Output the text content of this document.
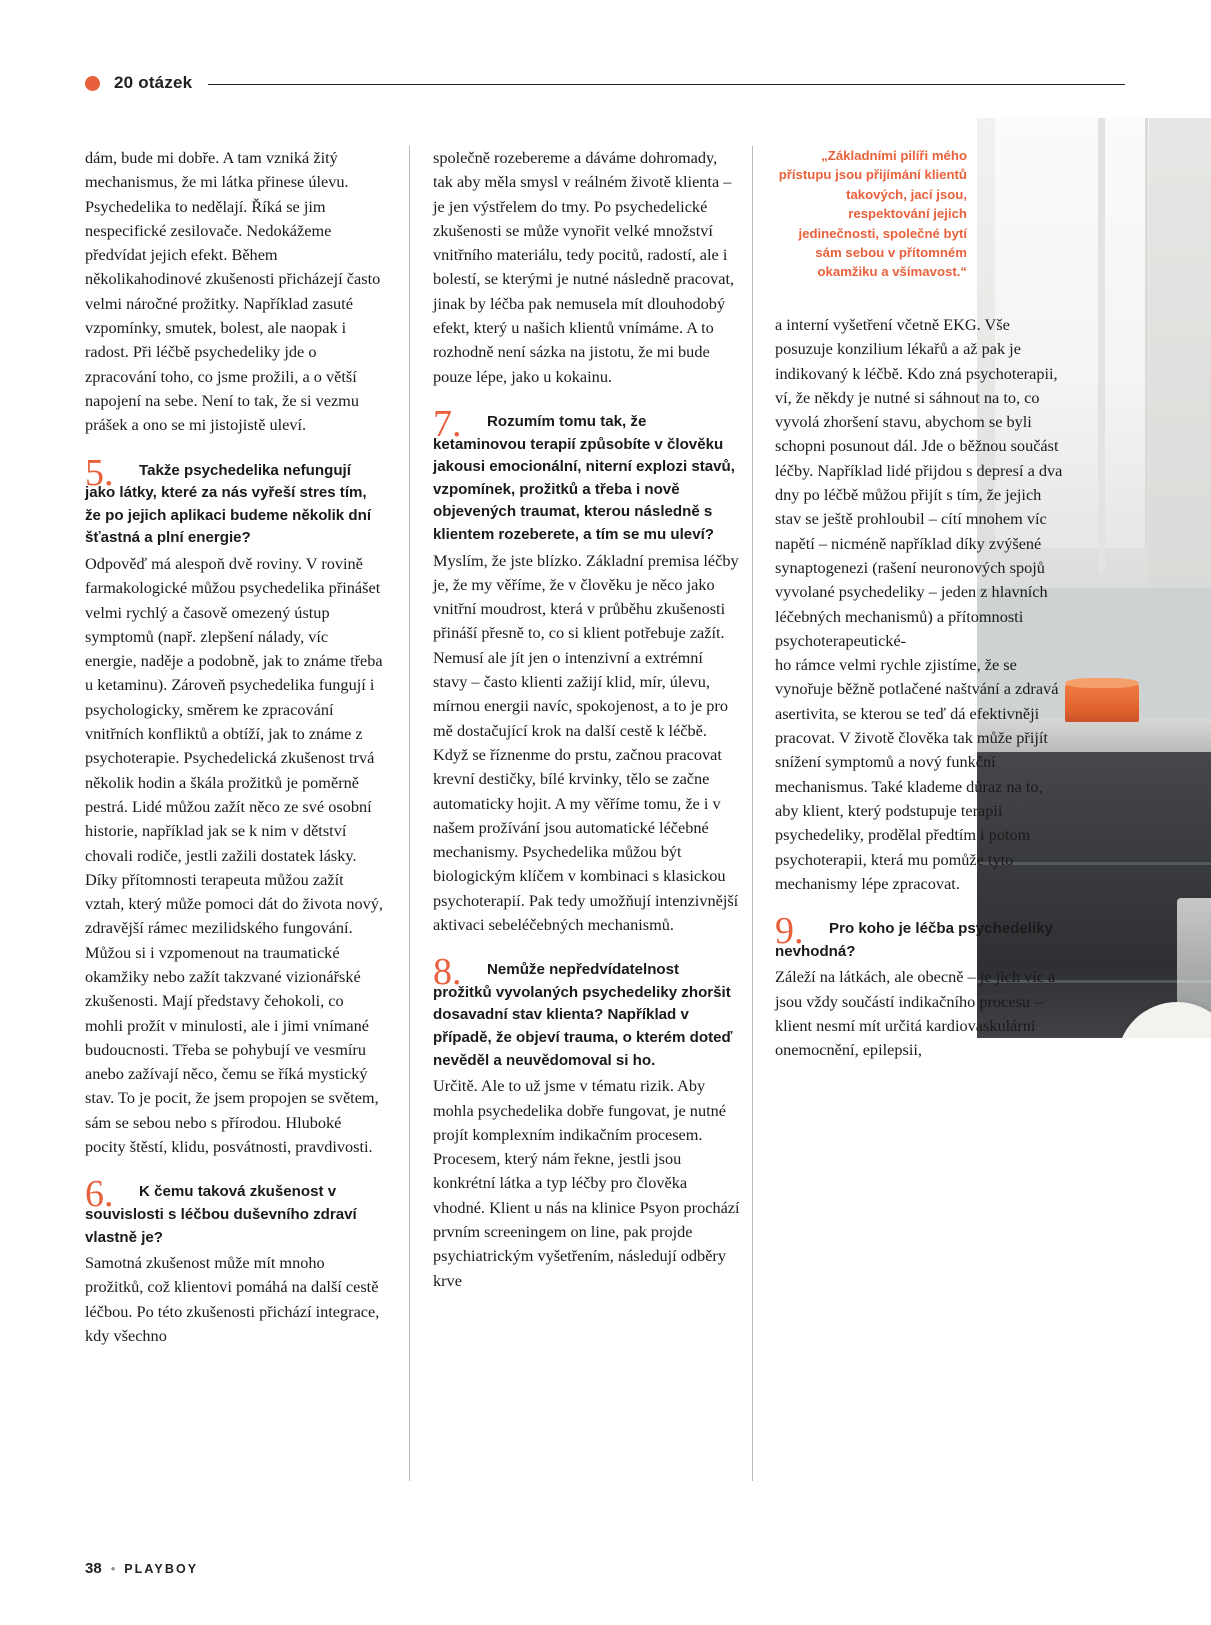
20 otázek
„Základními pilíři mého přístupu jsou přijímání klientů takových, jací jsou, respektování jejich jedinečnosti, společné bytí sám sebou v přítomném okamžiku a všímavost.“

dám, bude mi dobře. A tam vzniká žitý mechanismus, že mi látka přinese úlevu. Psychedelika to nedělají. Říká se jim nespecifické zesilovače. Nedokážeme předvídat jejich efekt. Během několikahodinové zkušenosti přicházejí často velmi náročné prožitky. Například zasuté vzpomínky, smutek, bolest, ale naopak i radost. Při léčbě psychedeliky jde o zpracování toho, co jsme prožili, a o větší napojení na sebe. Není to tak, že si vezmu prášek a ono se mi jistojistě uleví.

5.	Takže psychedelika nefungují jako látky, které za nás vyřeší stres tím, že po jejich aplikaci budeme několik dní šťastná a plní energie?

Odpověď má alespoň dvě roviny. V rovině farmakologické můžou psychedelika přinášet velmi rychlý a časově omezený ústup symptomů (např. zlepšení nálady, víc energie, naděje a podobně, jak to známe třeba u ketaminu). Zároveň psychedelika fungují i psychologicky, směrem ke zpracování vnitřních konfliktů a obtíží, jak to známe z psychoterapie. Psychedelická zkušenost trvá několik hodin a škála prožitků je poměrně pestrá. Lidé můžou zažít něco ze své osobní historie, například jak se k nim v dětství chovali rodiče, jestli zažili dostatek lásky. Díky přítomnosti terapeuta můžou zažít vztah, který může pomoci dát do života nový, zdravější rámec mezilidského fungování. Můžou si i vzpomenout na traumatické okamžiky nebo zažít takzvané vizionářské zkušenosti. Mají představy čehokoli, co mohli prožít v minulosti, ale i jimi vnímané budoucnosti. Třeba se pohybují ve vesmíru anebo zažívají něco, čemu se říká mystický stav. To je pocit, že jsem propojen se světem, sám se sebou nebo s přírodou. Hluboké pocity štěstí, klidu, posvátnosti, pravdivosti.

6.	K čemu taková zkušenost v souvislosti s léčbou duševního zdraví vlastně je?

Samotná zkušenost může mít mnoho prožitků, což klientovi pomáhá na další cestě léčbou. Po této zkušenosti přichází integrace, kdy všechno

společně rozebereme a dáváme dohromady, tak aby měla smysl v reálném životě klienta – je jen výstřelem do tmy. Po psychedelické zkušenosti se může vynořit velké množství vnitřního materiálu, tedy pocitů, radostí, ale i bolestí, se kterými je nutné následně pracovat, jinak by léčba pak nemusela mít dlouhodobý efekt, který u našich klientů vnímáme. A to rozhodně není sázka na jistotu, že mi bude pouze lépe, jako u kokainu.

7.	Rozumím tomu tak, že ketaminovou terapií způsobíte v člověku jakousi emocionální, niterní explozi stavů, vzpomínek, prožitků a třeba i nově objevených traumat, kterou následně s klientem rozeberete, a tím se mu uleví?

Myslím, že jste blízko. Základní premisa léčby je, že my věříme, že v člověku je něco jako vnitřní moudrost, která v průběhu zkušenosti přináší přesně to, co si klient potřebuje zažít. Nemusí ale jít jen o intenzivní a extrémní stavy – často klienti zažijí klid, mír, úlevu, mírnou energii navíc, spokojenost, a to je pro mě dostačující krok na další cestě k léčbě. Když se říznenme do prstu, začnou pracovat krevní destičky, bílé krvinky, tělo se začne automaticky hojit. A my věříme tomu, že i v našem prožívání jsou automatické léčebné mechanismy. Psychedelika můžou být biologickým klíčem v kombinaci s klasickou psychoterapií. Pak tedy umožňují intenzivnější aktivaci sebeléčebných mechanismů.

8.	Nemůže nepředvídatelnost prožitků vyvolaných psychedeliky zhoršit dosavadní stav klienta? Například v případě, že objeví trauma, o kterém doteď nevěděl a neuvědomoval si ho.

Určitě. Ale to už jsme v tématu rizik. Aby mohla psychedelika dobře fungovat, je nutné projít komplexním indikačním procesem. Procesem, který nám řekne, jestli jsou konkrétní látka a typ léčby pro člověka vhodné. Klient u nás na klinice Psyon prochází prvním screeningem on line, pak projde psychiatrickým vyšetřením, následují odběry krve

a interní vyšetření včetně EKG. Vše posuzuje konzilium lékařů a až pak je indikovaný k léčbě. Kdo zná psychoterapii, ví, že někdy je nutné si sáhnout na to, co vyvolá zhoršení stavu, abychom se byli schopni posunout dál. Jde o běžnou součást léčby. Například lidé přijdou s depresí a dva dny po léčbě můžou přijít s tím, že jejich stav se ještě prohloubil – cítí mnohem víc napětí – nicméně například díky zvýšené synaptogenezi (rašení neuronových spojů vyvolané psychedeliky – jeden z hlavních léčebných mechanismů) a přítomnosti psychoterapeutické-

ho rámce velmi rychle zjistíme, že se vynořuje běžně potlačené naštvání a zdravá asertivita, se kterou se teď dá efektivněji pracovat. V životě člověka tak může přijít snížení symptomů a nový funkční mechanismus. Také klademe důraz na to, aby klient, který podstupuje terapii psychedeliky, prodělal předtím i potom psychoterapii, která mu pomůže tyto mechanismy lépe zpracovat.

9.	Pro koho je léčba psychedeliky nevhodná?

Záleží na látkách, ale obecně – je jich víc a jsou vždy součástí indikačního procesu – klient nesmí mít určitá kardiovaskulární onemocnění, epilepsii,

38 • PLAYBOY
